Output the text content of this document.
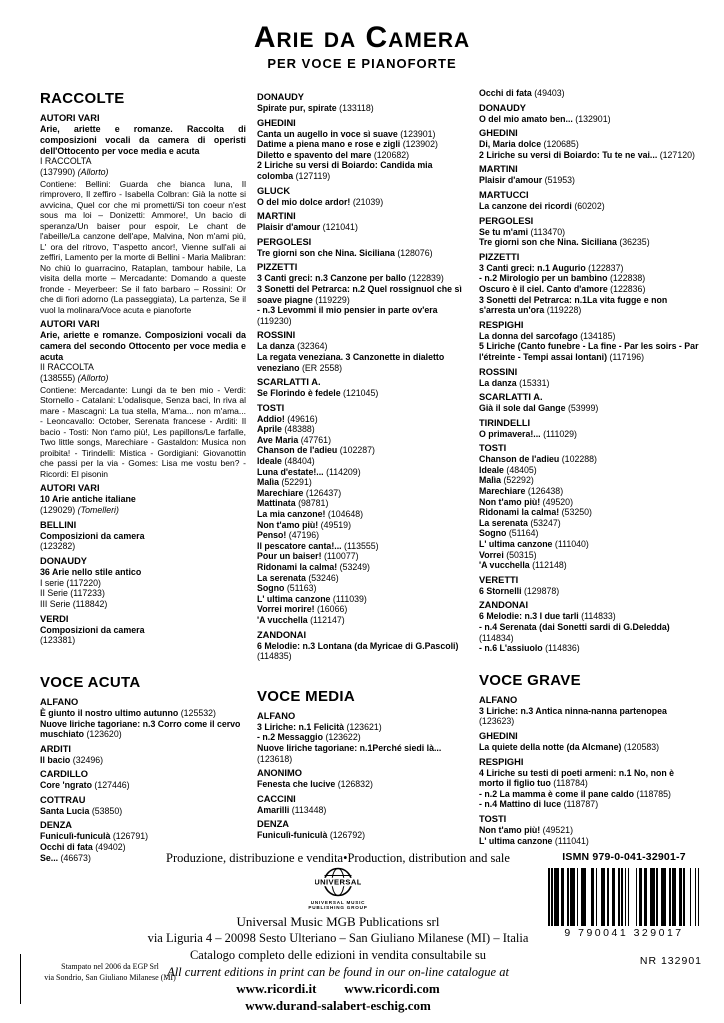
Arie da Camera
PER VOCE E PIANOFORTE
RACCOLTE
AUTORI VARI
Arie, ariette e romanze. Raccolta di composizioni vocali da camera di operisti dell'Ottocento per voce media e acuta
I RACCOLTA
(137990) (Allorto)
Contiene: Bellini: Guarda che bianca luna, Il rimprovero, Il zeffiro - Isabella Colbran: Già la notte si avvicina, Quel cor che mi prometti/Si ton coeur n'est sous ma loi – Donizetti: Ammore!, Un bacio di speranza/Un baiser pour espoir, Le chant de l'abeille/La canzone dell'ape, Malvina, Non m'ami più, L' ora del ritrovo, T'aspetto ancor!, Vienne sull'ali ai zeffiri, Lamento per la morte di Bellini - Maria Malibran: No chiù lo guarracino, Rataplan, tambour habile, La visita della morte – Mercadante: Domando a queste fronde - Meyerbeer: Se il fato barbaro – Rossini: Or che di fiori adorno (La passeggiata), La partenza, Se il vuol la molinara/Voce acuta e pianoforte
AUTORI VARI
Arie, ariette e romanze. Composizioni vocali da camera del secondo Ottocento per voce media e acuta
II RACCOLTA
(138555) (Allorto)
Contiene: Mercadante: Lungi da te ben mio - Verdi: Stornello - Catalani: L'odalisque, Senza baci, In riva al mare - Mascagni: La tua stella, M'ama... non m'ama... - Leoncavallo: October, Serenata francese - Arditi: Il bacio - Tosti: Non t'amo più!, Les papillons/Le farfalle, Two little songs, Marechiare - Gastaldon: Musica non proibita! - Tirindelli: Mistica - Gordigiani: Giovanottin che passi per la via - Gomes: Lisa me vostu ben? - Ricordi: El pisonin
AUTORI VARI
10 Arie antiche italiane
(129029) (Tomelleri)
BELLINI
Composizioni da camera
(123282)
DONAUDY
36 Arie nello stile antico
I serie (117220)
II Serie (117233)
III Serie (118842)
VERDI
Composizioni da camera
(123381)
VOCE ACUTA
ALFANO
È giunto il nostro ultimo autunno (125532)
Nuove liriche tagoriane: n.3 Corro come il cervo muschiato (123620)
ARDITI
Il bacio (32496)
CARDILLO
Core 'ngrato (127446)
COTTRAU
Santa Lucia (53850)
DENZA
Funiculì-funiculà (126791)
Occhi di fata (49402)
Se... (46673)
DONAUDY
Spirate pur, spirate (133118)
GHEDINI
Canta un augello in voce sì suave (123901)
Datime a piena mano e rose e zigli (123902)
Diletto e spavento del mare (120682)
2 Liriche su versi di Boiardo: Candida mia colomba (127119)
GLUCK
O del mio dolce ardor! (21039)
MARTINI
Plaisir d'amour (121041)
PERGOLESI
Tre giorni son che Nina. Siciliana (128076)
PIZZETTI
3 Canti greci: n.3 Canzone per ballo (122839)
3 Sonetti del Petrarca: n.2 Quel rossignuol che sì soave piagne (119229)
- n.3 Levommi il mio pensier in parte ov'era (119230)
ROSSINI
La danza (32364)
La regata veneziana. 3 Canzonette in dialetto veneziano (ER 2558)
SCARLATTI A.
Se Florindo è fedele (121045)
TOSTI
Addio! (49616)
Aprile (48388)
Ave Maria (47761)
Chanson de l'adieu (102287)
Ideale (48404)
Luna d'estate!... (114209)
Malìa (52291)
Marechiare (126437)
Mattinata (98781)
La mia canzone! (104648)
Non t'amo più! (49519)
Penso! (47196)
Il pescatore canta!... (113555)
Pour un baiser! (110077)
Ridonami la calma! (53249)
La serenata (53246)
Sogno (51163)
L' ultima canzone (111039)
Vorrei morire! (16066)
'A vucchella (112147)
ZANDONAI
6 Melodie: n.3 Lontana (da Myricae di G.Pascoli) (114835)
VOCE MEDIA
ALFANO
3 Liriche: n.1 Felicità (123621)
- n.2 Messaggio (123622)
Nuove liriche tagoriane: n.1Perché siedi là... (123618)
ANONIMO
Fenesta che lucive (126832)
CACCINI
Amarilli (113448)
DENZA
Funiculì-funiculà (126792)
Occhi di fata (49403)
DONAUDY
O del mio amato ben... (132901)
GHEDINI
Di, Maria dolce (120685)
2 Liriche su versi di Boiardo: Tu te ne vai... (127120)
MARTINI
Plaisir d'amour (51953)
MARTUCCI
La canzone dei ricordi (60202)
PERGOLESI
Se tu m'ami (113470)
Tre giorni son che Nina. Siciliana (36235)
PIZZETTI
3 Canti greci: n.1 Augurio (122837)
- n.2 Mirologio per un bambino (122838)
Oscuro è il ciel. Canto d'amore (122836)
3 Sonetti del Petrarca: n.1La vita fugge e non s'arresta un'ora (119228)
RESPIGHI
La donna del sarcofago (134185)
5 Liriche (Canto funebre - La fine - Par les soirs - Par l'étreinte - Tempi assai lontani) (117196)
ROSSINI
La danza (15331)
SCARLATTI A.
Già il sole dal Gange (53999)
TIRINDELLI
O primavera!... (111029)
TOSTI
Chanson de l'adieu (102288)
Ideale (48405)
Malìa (52292)
Marechiare (126438)
Non t'amo più! (49520)
Ridonami la calma! (53250)
La serenata (53247)
Sogno (51164)
L' ultima canzone (111040)
Vorrei (50315)
'A vucchella (112148)
VERETTI
6 Stornelli (129878)
ZANDONAI
6 Melodie: n.3 I due tarli (114833)
- n.4 Serenata (dai Sonetti sardi di G.Deledda) (114834)
- n.6 L'assiuolo (114836)
VOCE GRAVE
ALFANO
3 Liriche: n.3 Antica ninna-nanna partenopea (123623)
GHEDINI
La quiete della notte (da Alcmane) (120583)
RESPIGHI
4 Liriche su testi di poeti armeni: n.1 No, non è morto il figlio tuo (118784)
- n.2 La mamma è come il pane caldo (118785)
- n.4 Mattino di luce (118787)
TOSTI
Non t'amo più! (49521)
L' ultima canzone (111041)
Produzione, distribuzione e vendita•Production, distribution and sale
UNIVERSAL
UNIVERSAL MUSIC
PUBLISHING GROUP
Universal Music MGB Publications srl
via Liguria 4 – 20098 Sesto Ulteriano – San Giuliano Milanese (MI) – Italia
Catalogo completo delle edizioni in vendita consultabile su
All current editions in print can be found in our on-line catalogue at
www.ricordi.it www.ricordi.com
www.durand-salabert-eschig.com
Stampato nel 2006 da EGP Srl
via Sondrio, San Giuliano Milanese (MI)
ISMN 979-0-041-32901-7
9 790041 329017
NR 132901
